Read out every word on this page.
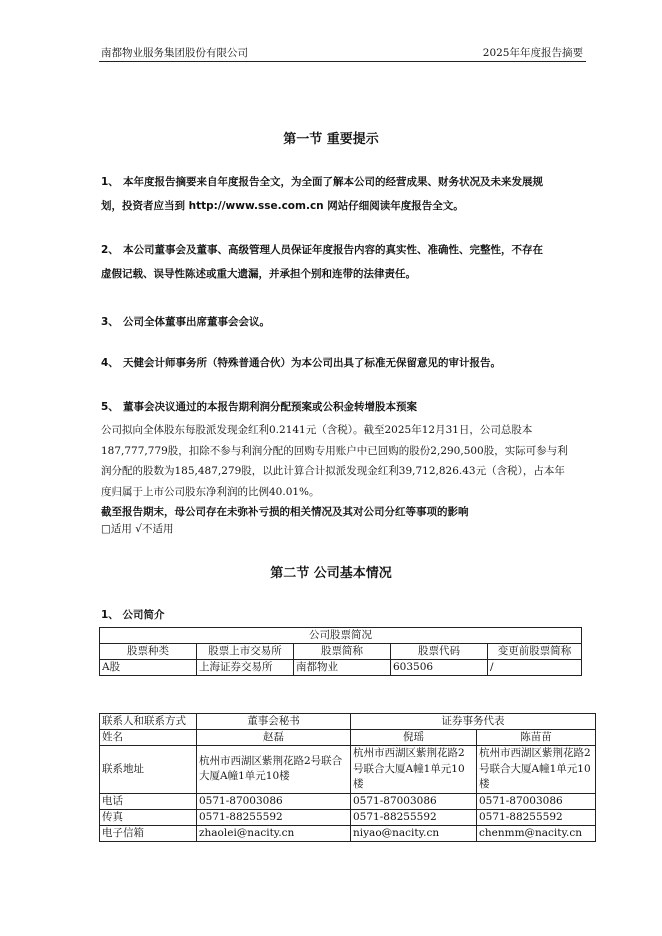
南都物业服务集团股份有限公司	2025年年度报告摘要
第一节 重要提示
1、 本年度报告摘要来自年度报告全文，为全面了解本公司的经营成果、财务状况及未来发展规
划，投资者应当到 http://www.sse.com.cn 网站仔细阅读年度报告全文。
2、 本公司董事会及董事、高级管理人员保证年度报告内容的真实性、准确性、完整性，不存在
虚假记载、误导性陈述或重大遗漏，并承担个别和连带的法律责任。
3、 公司全体董事出席董事会会议。
4、 天健会计师事务所（特殊普通合伙）为本公司出具了标准无保留意见的审计报告。
5、 董事会决议通过的本报告期利润分配预案或公积金转增股本预案
公司拟向全体股东每股派发现金红利0.2141元（含税）。截至2025年12月31日，公司总股本
187,777,779股，扣除不参与利润分配的回购专用账户中已回购的股份2,290,500股，实际可参与利
润分配的股数为185,487,279股，以此计算合计拟派发现金红利39,712,826.43元（含税），占本年
度归属于上市公司股东净利润的比例40.01%。
截至报告期末，母公司存在未弥补亏损的相关情况及其对公司分红等事项的影响
□适用 √不适用
第二节 公司基本情况
1、 公司简介
公司股票简况				
股票种类	股票上市交易所	股票简称	股票代码	变更前股票简称
A股	上海证券交易所	南都物业	603506	/
联系人和联系方式	董事会秘书	证券事务代表	
姓名	赵磊	倪瑶	陈苗苗
联系地址	杭州市西湖区紫荆花路2号联合大厦A幢1单元10楼	杭州市西湖区紫荆花路2号联合大厦A幢1单元10楼	杭州市西湖区紫荆花路2号联合大厦A幢1单元10楼
电话	0571-87003086	0571-87003086	0571-87003086
传真	0571-88255592	0571-88255592	0571-88255592
电子信箱	zhaolei@nacity.cn	niyao@nacity.cn	chenmm@nacity.cn
